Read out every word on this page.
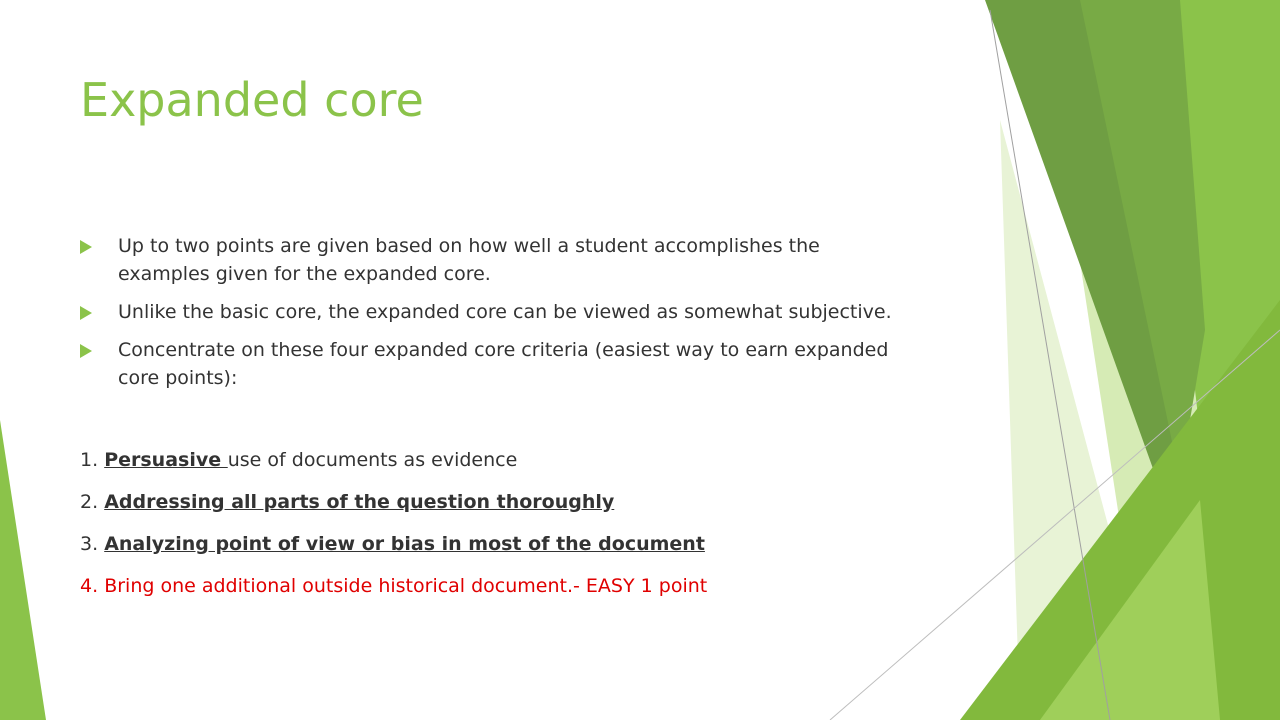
Expanded core
Up to two points are given based on how well a student accomplishes the examples given for the expanded core.
Unlike the basic core, the expanded core can be viewed as somewhat subjective.
Concentrate on these four expanded core criteria (easiest way to earn expanded core points):
1. Persuasive use of documents as evidence
2. Addressing all parts of the question thoroughly
3. Analyzing point of view or bias in most of the document
4. Bring one additional outside historical document.- EASY 1 point
